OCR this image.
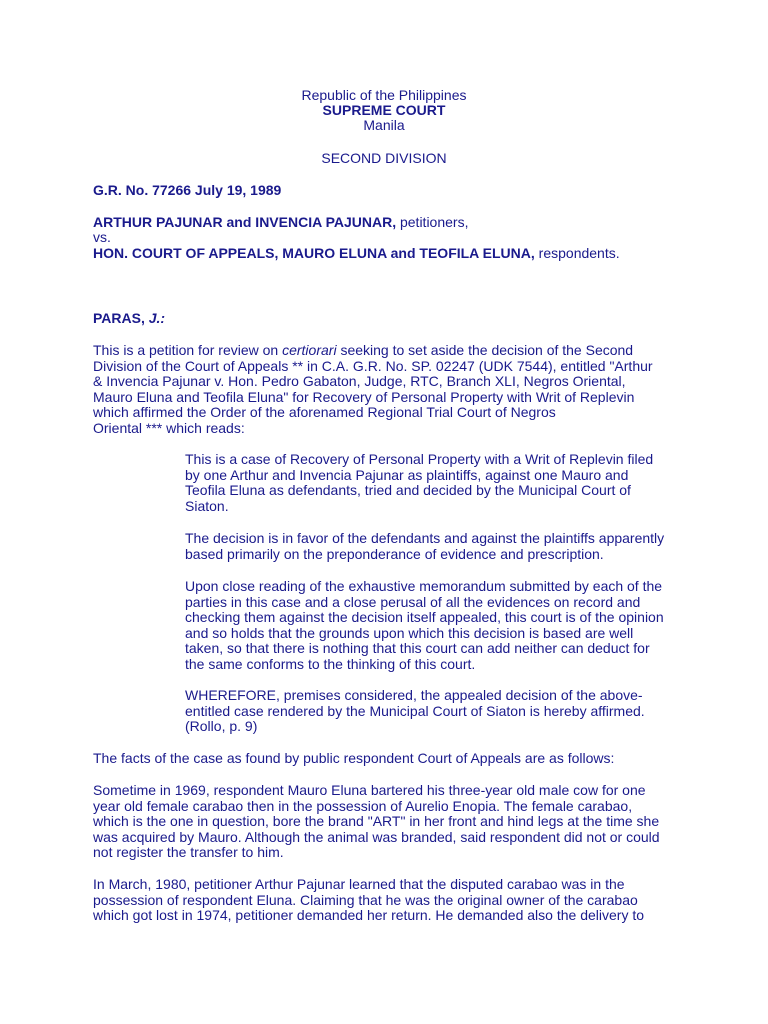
Republic of the Philippines
SUPREME COURT
Manila
SECOND DIVISION
G.R. No. 77266 July 19, 1989
ARTHUR PAJUNAR and INVENCIA PAJUNAR, petitioners,
vs.
HON. COURT OF APPEALS, MAURO ELUNA and TEOFILA ELUNA, respondents.
PARAS, J.:
This is a petition for review on certiorari seeking to set aside the decision of the Second
Division of the Court of Appeals ** in C.A. G.R. No. SP. 02247 (UDK 7544), entitled "Arthur
& Invencia Pajunar v. Hon. Pedro Gabaton, Judge, RTC, Branch XLI, Negros Oriental,
Mauro Eluna and Teofila Eluna" for Recovery of Personal Property with Writ of Replevin
which affirmed the Order of the aforenamed Regional Trial Court of Negros
Oriental *** which reads:
This is a case of Recovery of Personal Property with a Writ of Replevin filed
by one Arthur and Invencia Pajunar as plaintiffs, against one Mauro and
Teofila Eluna as defendants, tried and decided by the Municipal Court of
Siaton.
The decision is in favor of the defendants and against the plaintiffs apparently
based primarily on the preponderance of evidence and prescription.
Upon close reading of the exhaustive memorandum submitted by each of the
parties in this case and a close perusal of all the evidences on record and
checking them against the decision itself appealed, this court is of the opinion
and so holds that the grounds upon which this decision is based are well
taken, so that there is nothing that this court can add neither can deduct for
the same conforms to the thinking of this court.
WHEREFORE, premises considered, the appealed decision of the above-
entitled case rendered by the Municipal Court of Siaton is hereby affirmed.
(Rollo, p. 9)
The facts of the case as found by public respondent Court of Appeals are as follows:
Sometime in 1969, respondent Mauro Eluna bartered his three-year old male cow for one
year old female carabao then in the possession of Aurelio Enopia. The female carabao,
which is the one in question, bore the brand "ART" in her front and hind legs at the time she
was acquired by Mauro. Although the animal was branded, said respondent did not or could
not register the transfer to him.
In March, 1980, petitioner Arthur Pajunar learned that the disputed carabao was in the
possession of respondent Eluna. Claiming that he was the original owner of the carabao
which got lost in 1974, petitioner demanded her return. He demanded also the delivery to
